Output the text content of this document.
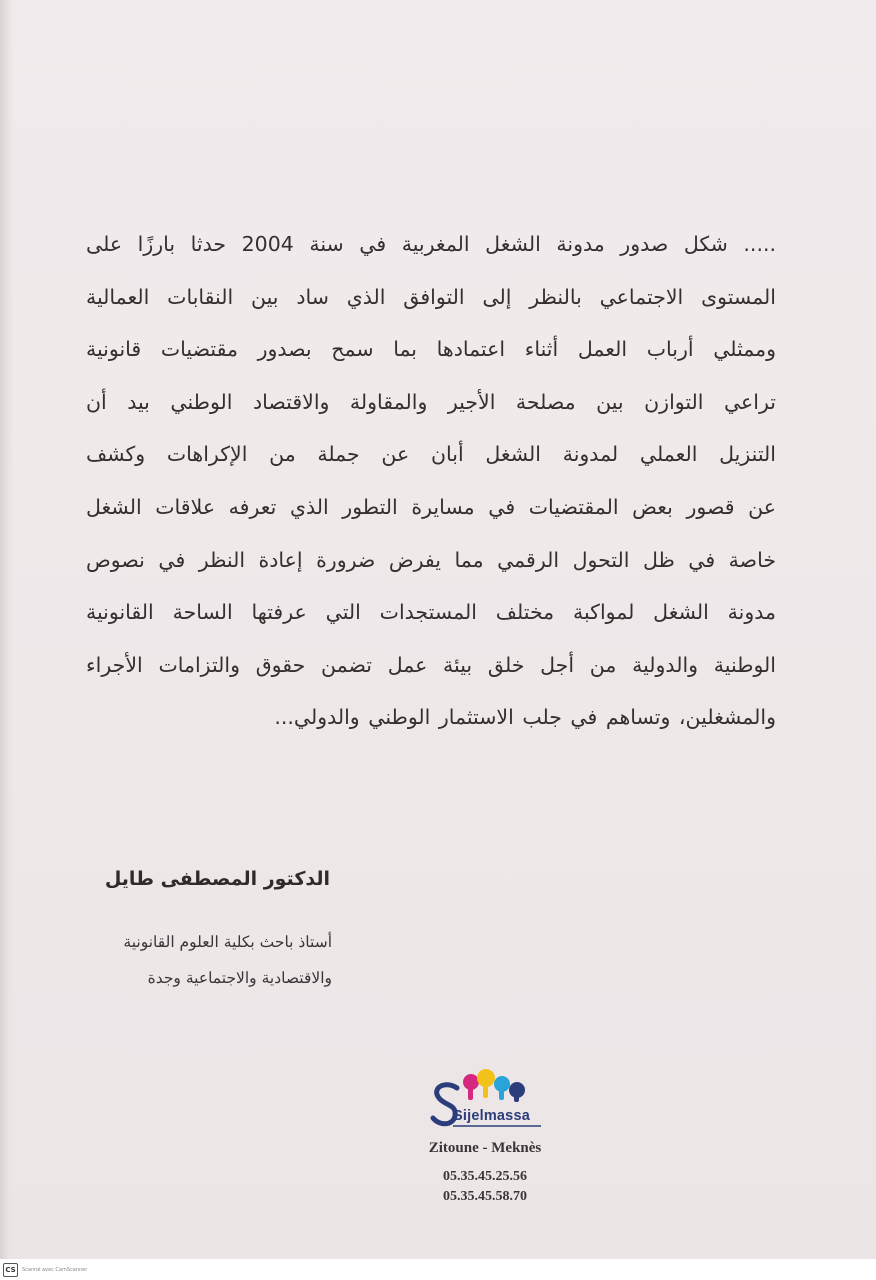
..... شكل صدور مدونة الشغل المغربية في سنة 2004 حدثا بارزًا على
المستوى الاجتماعي بالنظر إلى التوافق الذي ساد بين النقابات العمالية
وممثلي أرباب العمل أثناء اعتمادها بما سمح بصدور مقتضيات قانونية
تراعي التوازن بين مصلحة الأجير والمقاولة والاقتصاد الوطني بيد أن
التنزيل العملي لمدونة الشغل أبان عن جملة من الإكراهات وكشف
عن قصور بعض المقتضيات في مسايرة التطور الذي تعرفه علاقات الشغل
خاصة في ظل التحول الرقمي مما يفرض ضرورة إعادة النظر في نصوص
مدونة الشغل لمواكبة مختلف المستجدات التي عرفتها الساحة القانونية
الوطنية والدولية من أجل خلق بيئة عمل تضمن حقوق والتزامات الأجراء
والمشغلين، وتساهم في جلب الاستثمار الوطني والدولي...
الدكتور المصطفى طايل
أستاذ باحث بكلية العلوم القانونية
والاقتصادية والاجتماعية وجدة
Sijelmassa
Zitoune - Meknès
05.35.45.25.56
05.35.45.58.70
CS	Scanné avec CamScanner
